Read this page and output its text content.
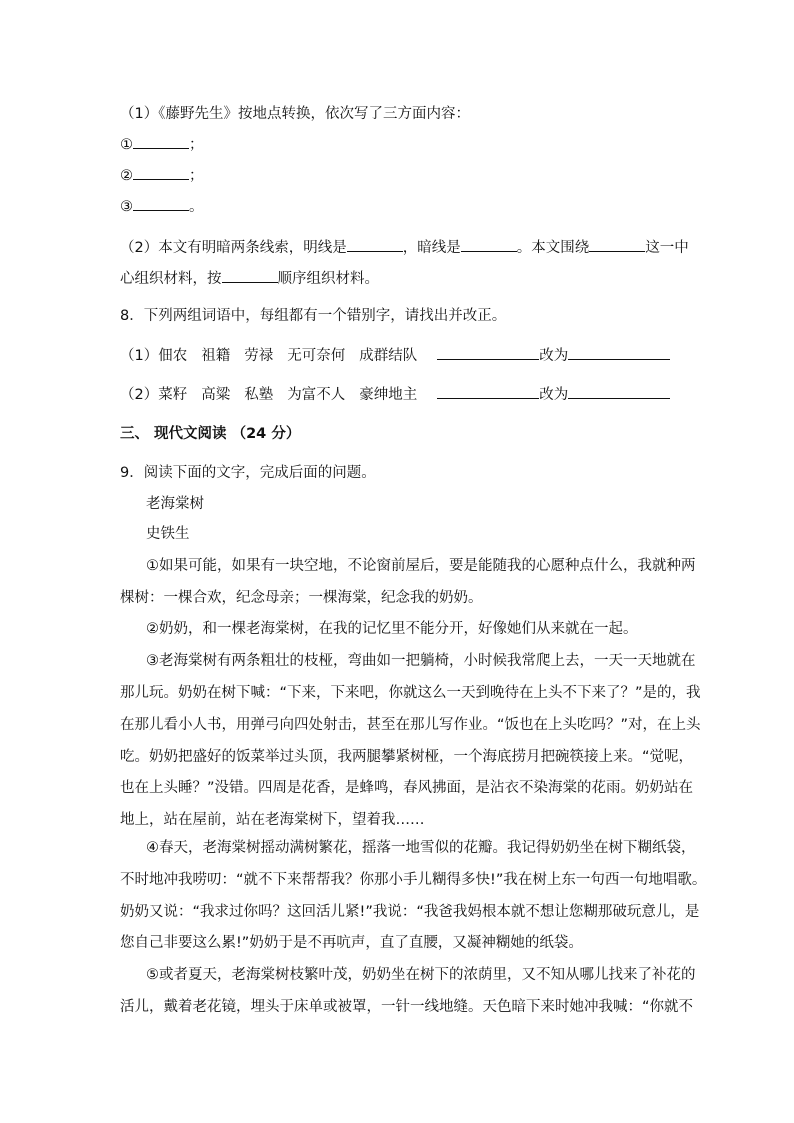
（1）《藤野先生》按地点转换，依次写了三方面内容：
①	；
②	；
③	。
（2）本文有明暗两条线索，明线是	，暗线是	。本文围绕	这一中
心组织材料，按	顺序组织材料。
8．下列两组词语中，每组都有一个错别字，请找出并改正。
（1）佃农 祖籍 劳禄 无可奈何 成群结队	改为
（2）菜籽 高粱 私塾 为富不人 豪绅地主	改为
三、 现代文阅读 （24 分）
9．阅读下面的文字，完成后面的问题。
老海棠树
史铁生
①如果可能，如果有一块空地，不论窗前屋后，要是能随我的心愿种点什么，我就种两
棵树：一棵合欢，纪念母亲；一棵海棠，纪念我的奶奶。
②奶奶，和一棵老海棠树，在我的记忆里不能分开，好像她们从来就在一起。
③老海棠树有两条粗壮的枝桠，弯曲如一把躺椅，小时候我常爬上去，一天一天地就在
那儿玩。奶奶在树下喊：“下来，下来吧，你就这么一天到晚待在上头不下来了？”是的，我
在那儿看小人书，用弹弓向四处射击，甚至在那儿写作业。“饭也在上头吃吗？”对，在上头
吃。奶奶把盛好的饭菜举过头顶，我两腿攀紧树桠，一个海底捞月把碗筷接上来。“觉呢，
也在上头睡？”没错。四周是花香，是蜂鸣，春风拂面，是沾衣不染海棠的花雨。奶奶站在
地上，站在屋前，站在老海棠树下，望着我……
④春天，老海棠树摇动满树繁花，摇落一地雪似的花瓣。我记得奶奶坐在树下糊纸袋，
不时地冲我唠叨：“就不下来帮帮我？你那小手儿糊得多快!”我在树上东一句西一句地唱歌。
奶奶又说：“我求过你吗？这回活儿紧!”我说：“我爸我妈根本就不想让您糊那破玩意儿，是
您自己非要这么累!”奶奶于是不再吭声，直了直腰，又凝神糊她的纸袋。
⑤或者夏天，老海棠树枝繁叶茂，奶奶坐在树下的浓荫里，又不知从哪儿找来了补花的
活儿，戴着老花镜，埋头于床单或被罩，一针一线地缝。天色暗下来时她冲我喊：“你就不
